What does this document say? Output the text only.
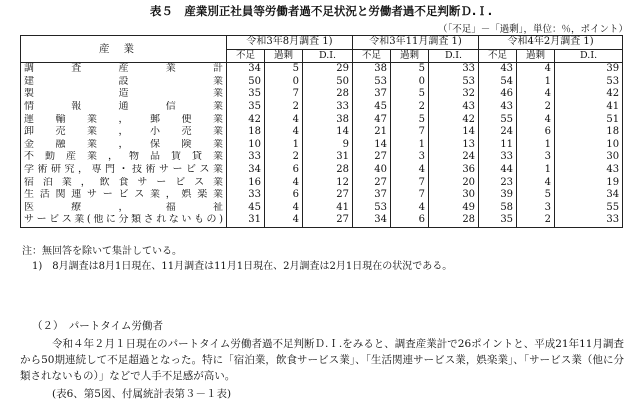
表５　産業別正社員等労働者過不足状況と労働者過不足判断Ｄ.Ｉ.
（「不足」－「過剰」，単位：％，ポイント）
産業	令和3年8月調査 1)			令和3年11月調査 1)			令和4年2月調査 1)		
	不足	過剰	D.I.	不足	過剰	D.I.	不足	過剰	D.I.
調査産業計	34	5	29	38	5	33	43	4	39
建設業	50	0	50	53	0	53	54	1	53
製造業	35	7	28	37	5	32	46	4	42
情報通信業	35	2	33	45	2	43	43	2	41
運輸業，郵便業	42	4	38	47	5	42	55	4	51
卸売業，小売業	18	4	14	21	7	14	24	6	18
金融業，保険業	10	1	9	14	1	13	11	1	10
不動産業，物品賃貸業	33	2	31	27	3	24	33	3	30
学術研究，専門・技術サービス業	34	6	28	40	4	36	44	1	43
宿泊業，飲食サービス業	16	4	12	27	7	20	23	4	19
生活関連サービス業，娯楽業	33	6	27	37	7	30	39	5	34
医療，福祉	45	4	41	53	4	49	58	3	55
サービス業(他に分類されないもの)	31	4	27	34	6	28	35	2	33
注：無回答を除いて集計している。
1)　8月調査は8月1日現在、11月調査は11月1日現在、2月調査は2月1日現在の状況である。
（２）　パートタイム労働者
令和４年２月１日現在のパートタイム労働者過不足判断Ｄ.Ｉ.をみると、調査産業計で26ポイントと、平成21年11月調査から50期連続して不足超過となった。特に「宿泊業，飲食サービス業」、「生活関連サービス業，娯楽業」、「サービス業（他に分類されないもの）」などで人手不足感が高い。
(表6、第5図、付属統計表第３－１表)
